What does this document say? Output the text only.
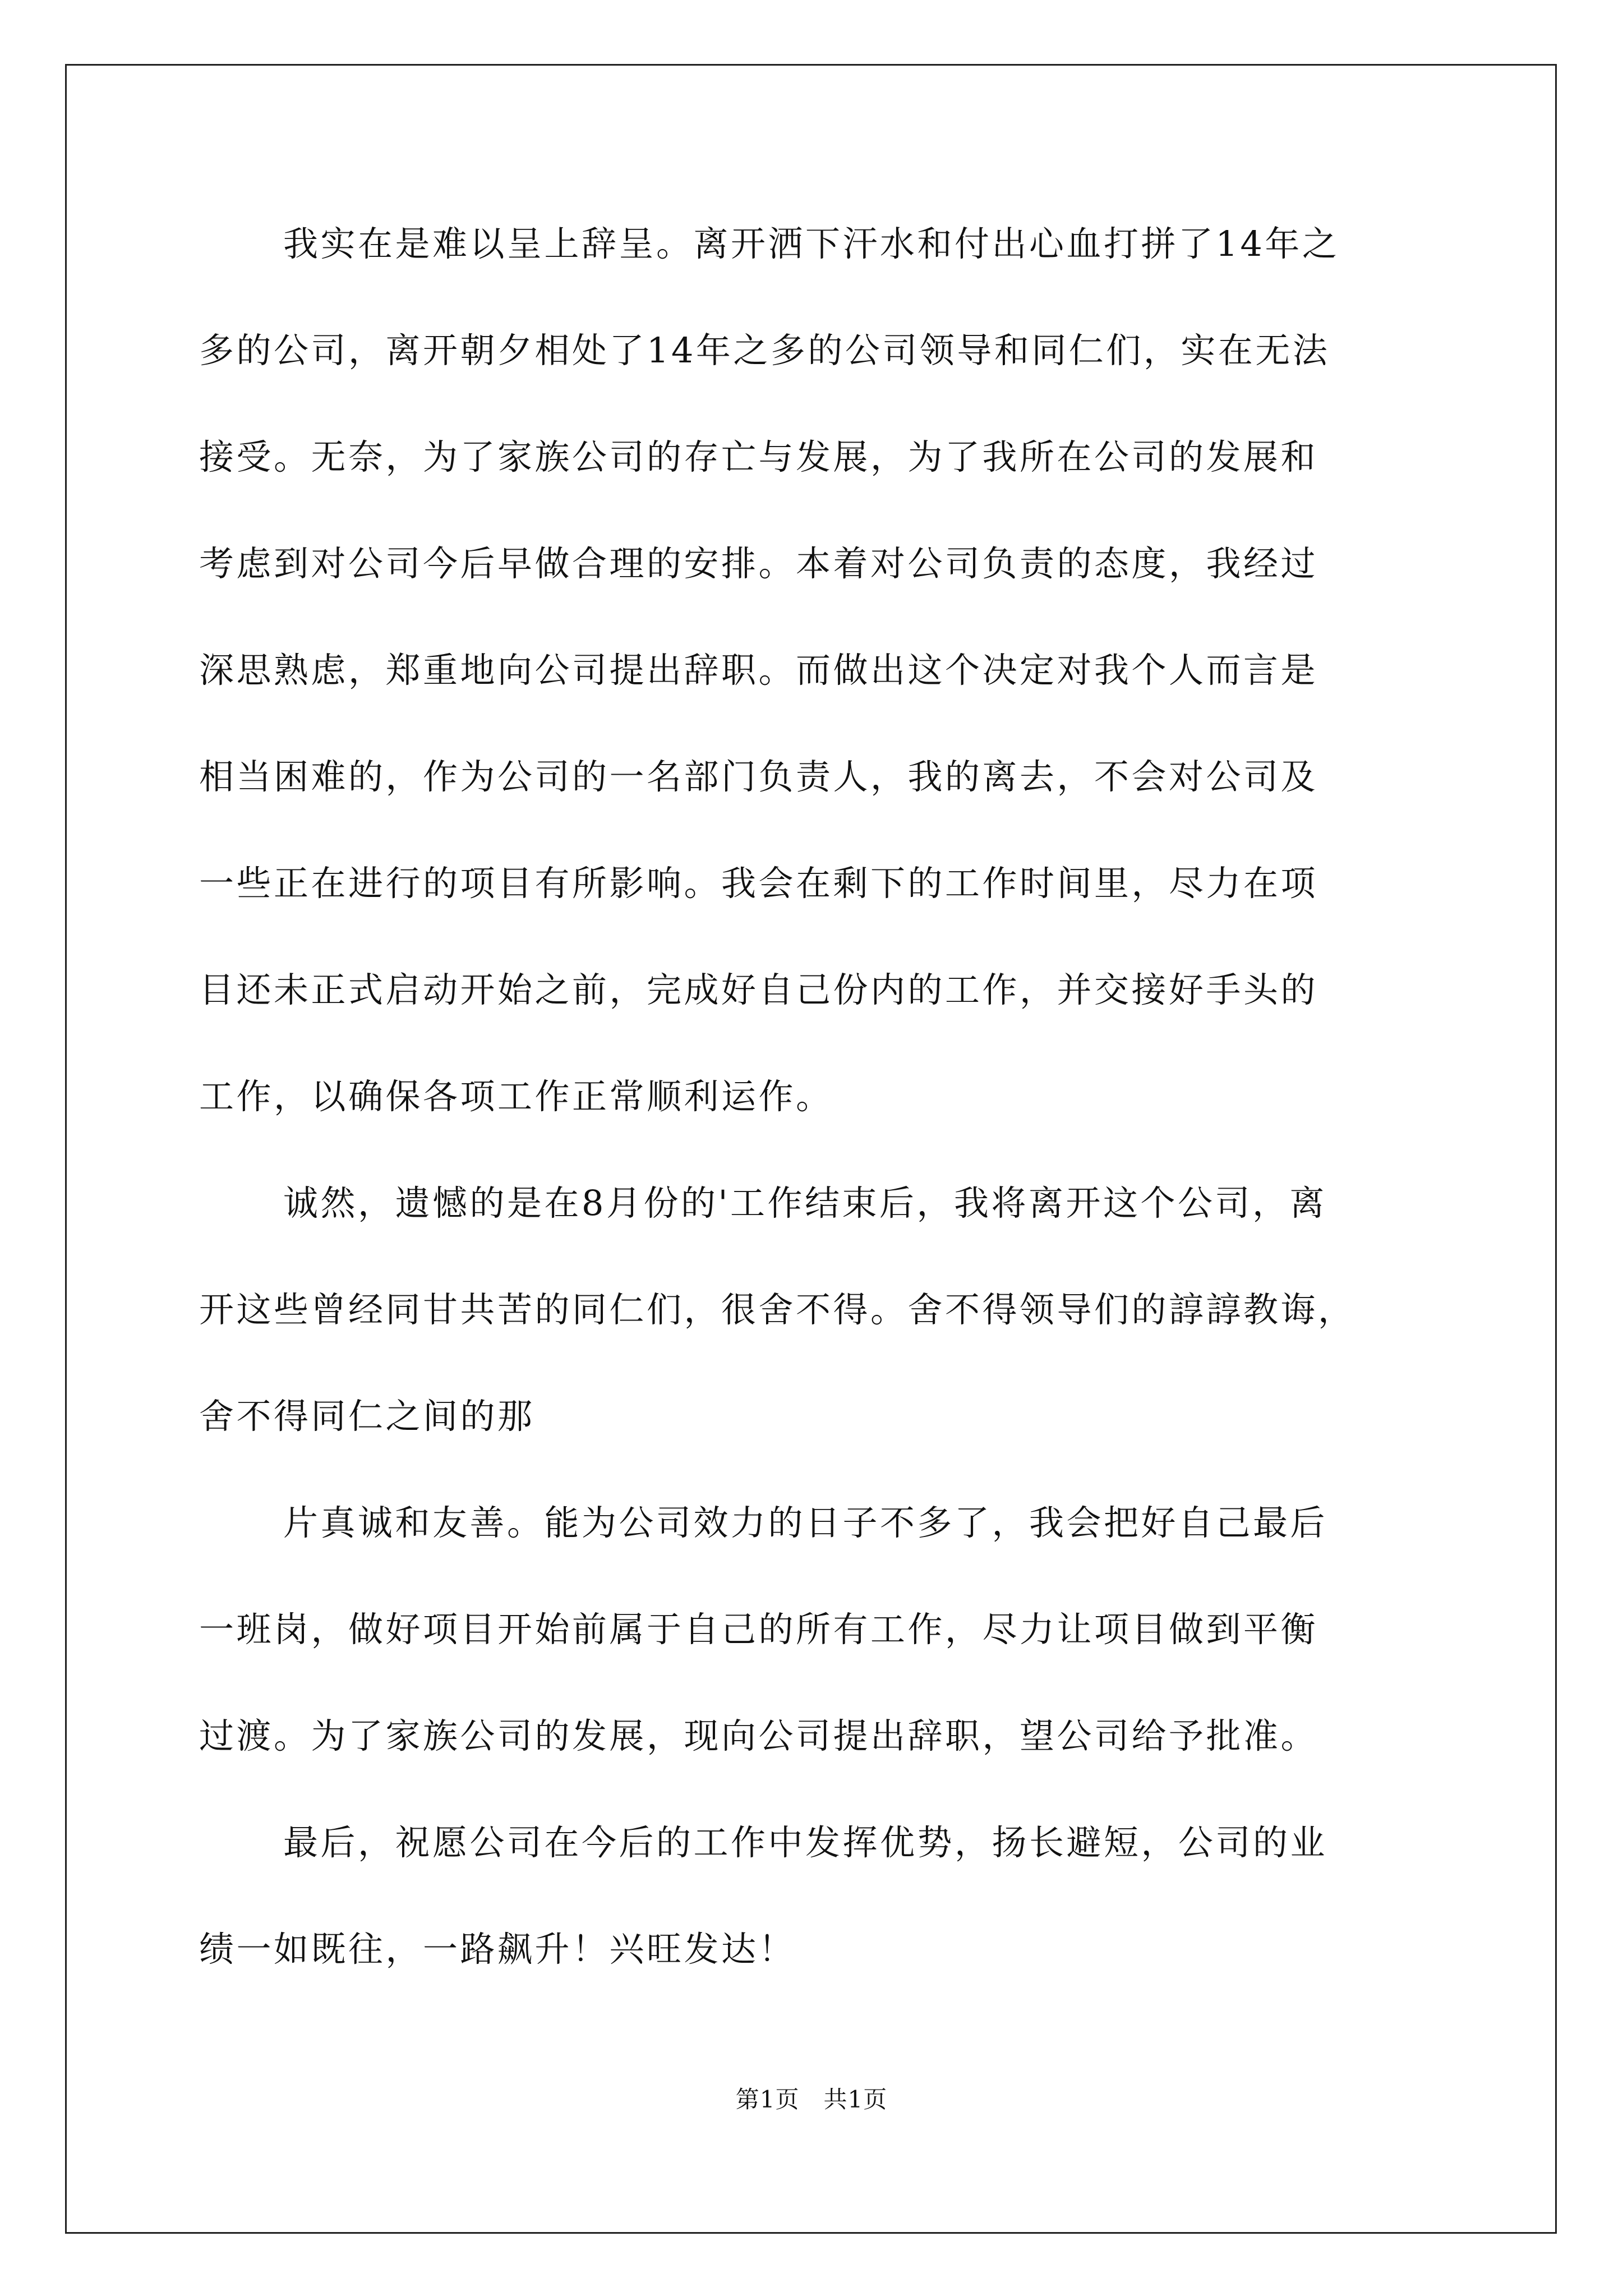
我实在是难以呈上辞呈。离开洒下汗水和付出心血打拼了14年之
多的公司，离开朝夕相处了14年之多的公司领导和同仁们，实在无法
接受。无奈，为了家族公司的存亡与发展，为了我所在公司的发展和
考虑到对公司今后早做合理的安排。本着对公司负责的态度，我经过
深思熟虑，郑重地向公司提出辞职。而做出这个决定对我个人而言是
相当困难的，作为公司的一名部门负责人，我的离去，不会对公司及
一些正在进行的项目有所影响。我会在剩下的工作时间里，尽力在项
目还未正式启动开始之前，完成好自己份内的工作，并交接好手头的
工作，以确保各项工作正常顺利运作。
诚然，遗憾的是在8月份的'工作结束后，我将离开这个公司，离
开这些曾经同甘共苦的同仁们，很舍不得。舍不得领导们的諄諄教诲，
舍不得同仁之间的那
片真诚和友善。能为公司效力的日子不多了，我会把好自己最后
一班岗，做好项目开始前属于自己的所有工作，尽力让项目做到平衡
过渡。为了家族公司的发展，现向公司提出辞职，望公司给予批准。
最后，祝愿公司在今后的工作中发挥优势，扬长避短，公司的业
绩一如既往，一路飙升！兴旺发达！
第1页　共1页
